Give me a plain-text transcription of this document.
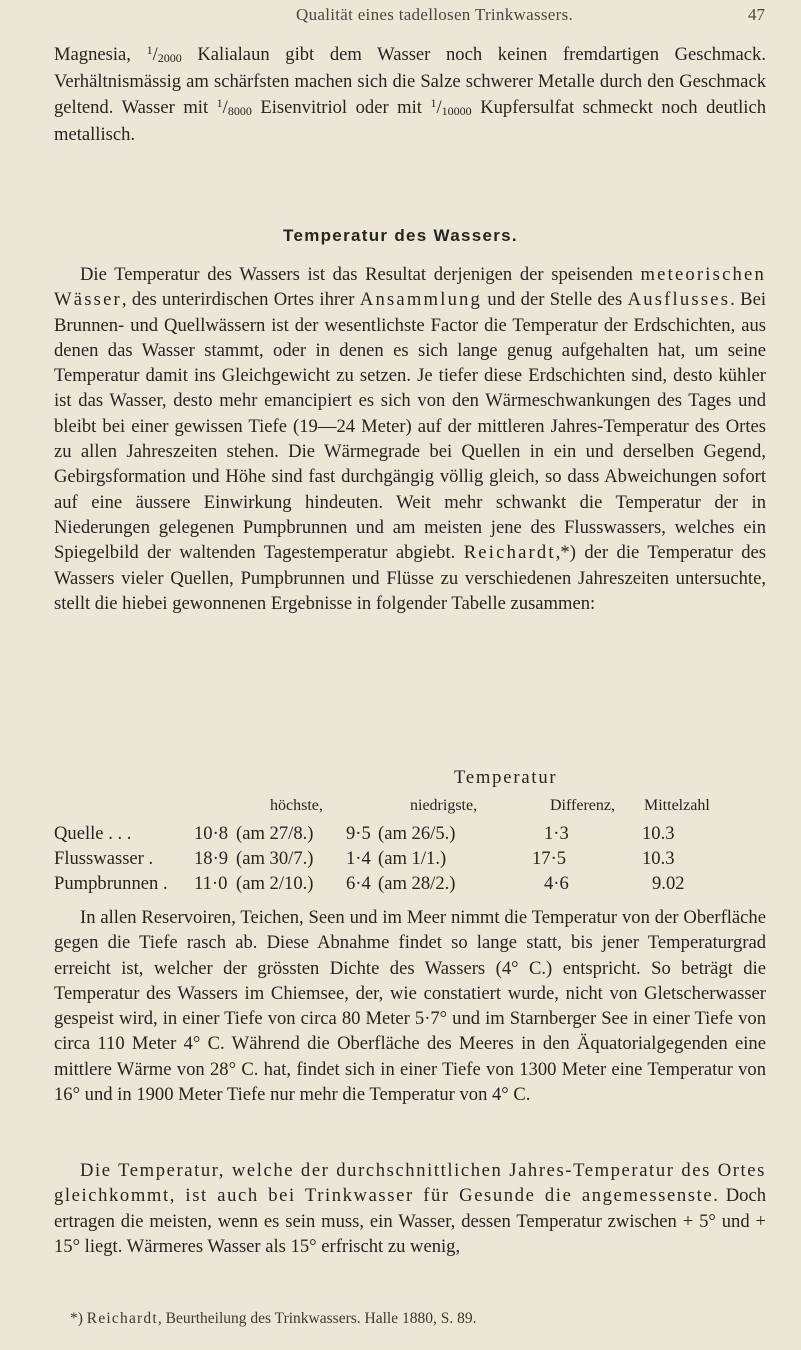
Qualität eines tadellosen Trinkwassers.	47

Magnesia, $^1$/2000 Kalialaun gibt dem Wasser noch keinen fremdartigen Geschmack. Verhältnismässig am schärfsten machen sich die Salze schwerer Metalle durch den Geschmack geltend. Wasser mit $^1$/8000 Eisenvitriol oder mit $^1$/10000 Kupfersulfat schmeckt noch deutlich metallisch.

Temperatur des Wassers.

Die Temperatur des Wassers ist das Resultat derjenigen der speisenden meteorischen Wässer, des unterirdischen Ortes ihrer Ansammlung und der Stelle des Ausflusses. Bei Brunnen- und Quellwässern ist der wesentlichste Factor die Temperatur der Erdschichten, aus denen das Wasser stammt, oder in denen es sich lange genug aufgehalten hat, um seine Temperatur damit ins Gleichgewicht zu setzen. Je tiefer diese Erdschichten sind, desto kühler ist das Wasser, desto mehr emancipiert es sich von den Wärmeschwankungen des Tages und bleibt bei einer gewissen Tiefe (19—24 Meter) auf der mittleren Jahres-Temperatur des Ortes zu allen Jahreszeiten stehen. Die Wärmegrade bei Quellen in ein und derselben Gegend, Gebirgsformation und Höhe sind fast durchgängig völlig gleich, so dass Abweichungen sofort auf eine äussere Einwirkung hindeuten. Weit mehr schwankt die Temperatur der in Niederungen gelegenen Pumpbrunnen und am meisten jene des Flusswassers, welches ein Spiegelbild der waltenden Tagestemperatur abgiebt. Reichardt,*) der die Temperatur des Wassers vieler Quellen, Pumpbrunnen und Flüsse zu verschiedenen Jahreszeiten untersuchte, stellt die hiebei gewonnenen Ergebnisse in folgender Tabelle zusammen:

Temperatur
höchste,	niedrigste,	Differenz, Mittelzahl
Quelle . . .	10·8 (am 27/8.) 9·5 (am 26/5.)	1·3	10.3
Flusswasser . 18·9 (am 30/7.) 1·4 (am 1/1.)	17·5	10.3
Pumpbrunnen . 11·0 (am 2/10.) 6·4 (am 28/2.)	4·6	9.02

In allen Reservoiren, Teichen, Seen und im Meer nimmt die Temperatur von der Oberfläche gegen die Tiefe rasch ab. Diese Abnahme findet so lange statt, bis jener Temperaturgrad erreicht ist, welcher der grössten Dichte des Wassers (4° C.) entspricht. So beträgt die Temperatur des Wassers im Chiemsee, der, wie constatiert wurde, nicht von Gletscherwasser gespeist wird, in einer Tiefe von circa 80 Meter 5·7° und im Starnberger See in einer Tiefe von circa 110 Meter 4° C. Während die Oberfläche des Meeres in den Äquatorialgegenden eine mittlere Wärme von 28° C. hat, findet sich in einer Tiefe von 1300 Meter eine Temperatur von 16° und in 1900 Meter Tiefe nur mehr die Temperatur von 4° C.

Die Temperatur, welche der durchschnittlichen Jahres-Temperatur des Ortes gleichkommt, ist auch bei Trinkwasser für Gesunde die angemessenste. Doch ertragen die meisten, wenn es sein muss, ein Wasser, dessen Temperatur zwischen + 5° und + 15° liegt. Wärmeres Wasser als 15° erfrischt zu wenig,

*) Reichardt, Beurtheilung des Trinkwassers. Halle 1880, S. 89.
